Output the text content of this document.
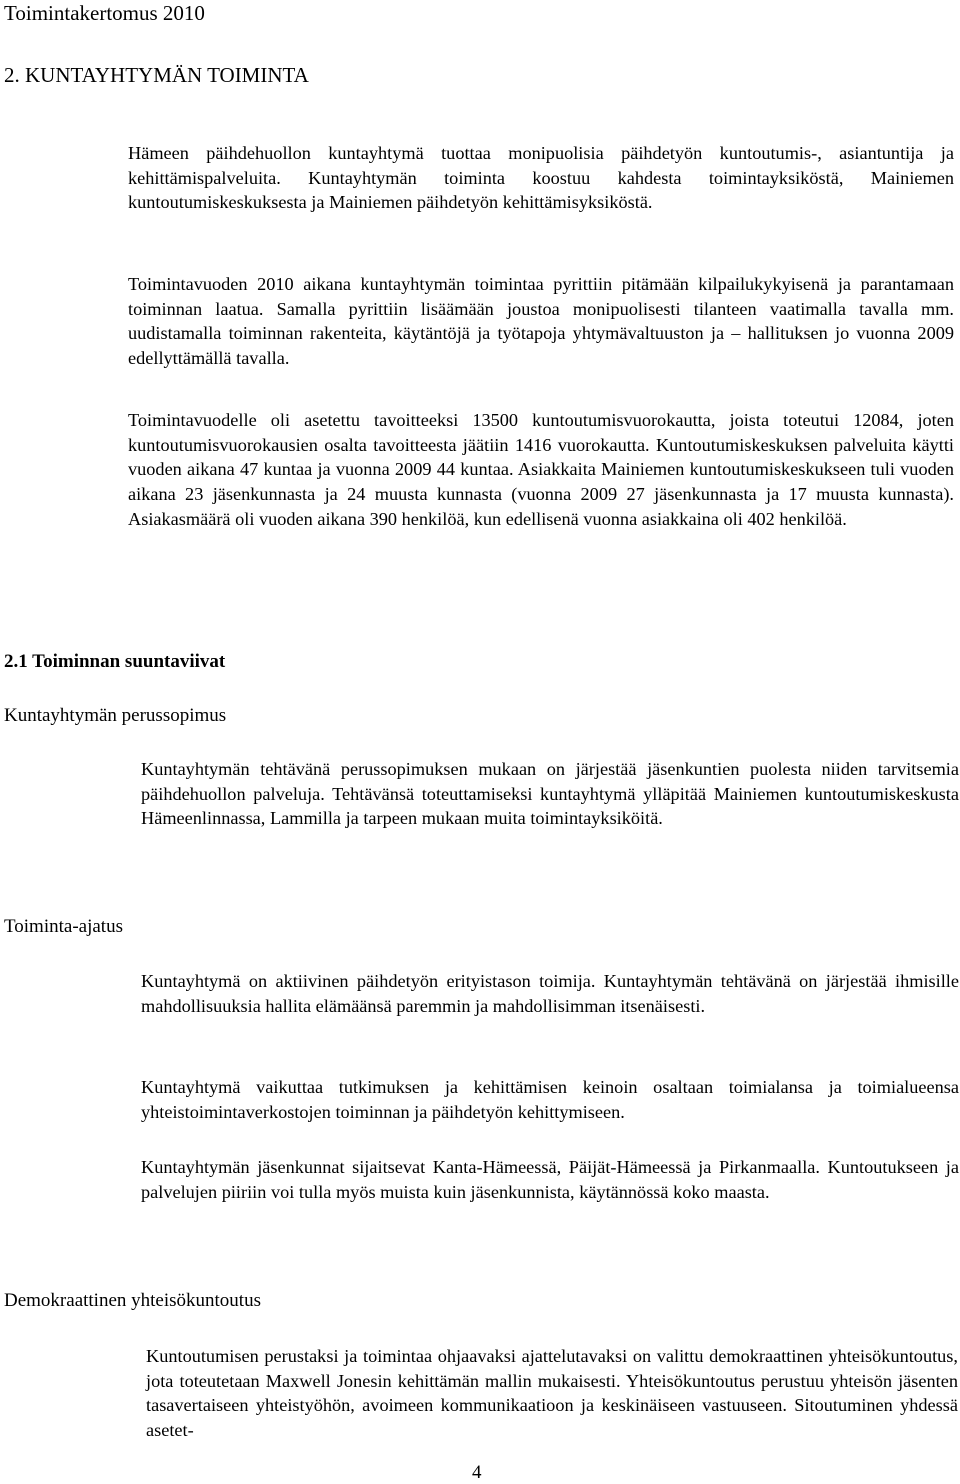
Toimintakertomus 2010
2. KUNTAYHTYMÄN TOIMINTA
Hämeen päihdehuollon kuntayhtymä tuottaa monipuolisia päihdetyön kuntoutumis-, asiantuntija ja kehittämispalveluita. Kuntayhtymän toiminta koostuu kahdesta toimintayksiköstä, Mainiemen kuntoutumiskeskuksesta ja Mainiemen päihdetyön kehittämisyksiköstä.
Toimintavuoden 2010 aikana kuntayhtymän toimintaa pyrittiin pitämään kilpailukykyisenä ja parantamaan toiminnan laatua. Samalla pyrittiin lisäämään joustoa monipuolisesti tilanteen vaatimalla tavalla mm. uudistamalla toiminnan rakenteita, käytäntöjä ja työtapoja yhtymävaltuuston ja – hallituksen jo vuonna 2009 edellyttämällä tavalla.
Toimintavuodelle oli asetettu tavoitteeksi 13500 kuntoutumisvuorokautta, joista toteutui 12084, joten kuntoutumisvuorokausien osalta tavoitteesta jäätiin 1416 vuorokautta. Kuntoutumiskeskuksen palveluita käytti vuoden aikana 47 kuntaa ja vuonna 2009 44 kuntaa. Asiakkaita Mainiemen kuntoutumiskeskukseen tuli vuoden aikana 23 jäsenkunnasta ja 24 muusta kunnasta (vuonna 2009 27 jäsenkunnasta ja 17 muusta kunnasta). Asiakasmäärä oli vuoden aikana 390 henkilöä, kun edellisenä vuonna asiakkaina oli 402 henkilöä.
2.1 Toiminnan suuntaviivat
Kuntayhtymän perussopimus
Kuntayhtymän tehtävänä perussopimuksen mukaan on järjestää jäsenkuntien puolesta niiden tarvitsemia päihdehuollon palveluja. Tehtävänsä toteuttamiseksi kuntayhtymä ylläpitää Mainiemen kuntoutumiskeskusta Hämeenlinnassa, Lammilla ja tarpeen mukaan muita toimintayksiköitä.
Toiminta-ajatus
Kuntayhtymä on aktiivinen päihdetyön erityistason toimija. Kuntayhtymän tehtävänä on järjestää ihmisille mahdollisuuksia hallita elämäänsä paremmin ja mahdollisimman itsenäisesti.
Kuntayhtymä vaikuttaa tutkimuksen ja kehittämisen keinoin osaltaan toimialansa ja toimialueensa yhteistoimintaverkostojen toiminnan ja päihdetyön kehittymiseen.
Kuntayhtymän jäsenkunnat sijaitsevat Kanta-Hämeessä, Päijät-Hämeessä ja Pirkanmaalla. Kuntoutukseen ja palvelujen piiriin voi tulla myös muista kuin jäsenkunnista, käytännössä koko maasta.
Demokraattinen yhteisökuntoutus
Kuntoutumisen perustaksi ja toimintaa ohjaavaksi ajattelutavaksi on valittu demokraattinen yhteisökuntoutus, jota toteutetaan Maxwell Jonesin kehittämän mallin mukaisesti. Yhteisökuntoutus perustuu yhteisön jäsenten tasavertaiseen yhteistyöhön, avoimeen kommunikaatioon ja keskinäiseen vastuuseen. Sitoutuminen yhdessä asetet-
4
